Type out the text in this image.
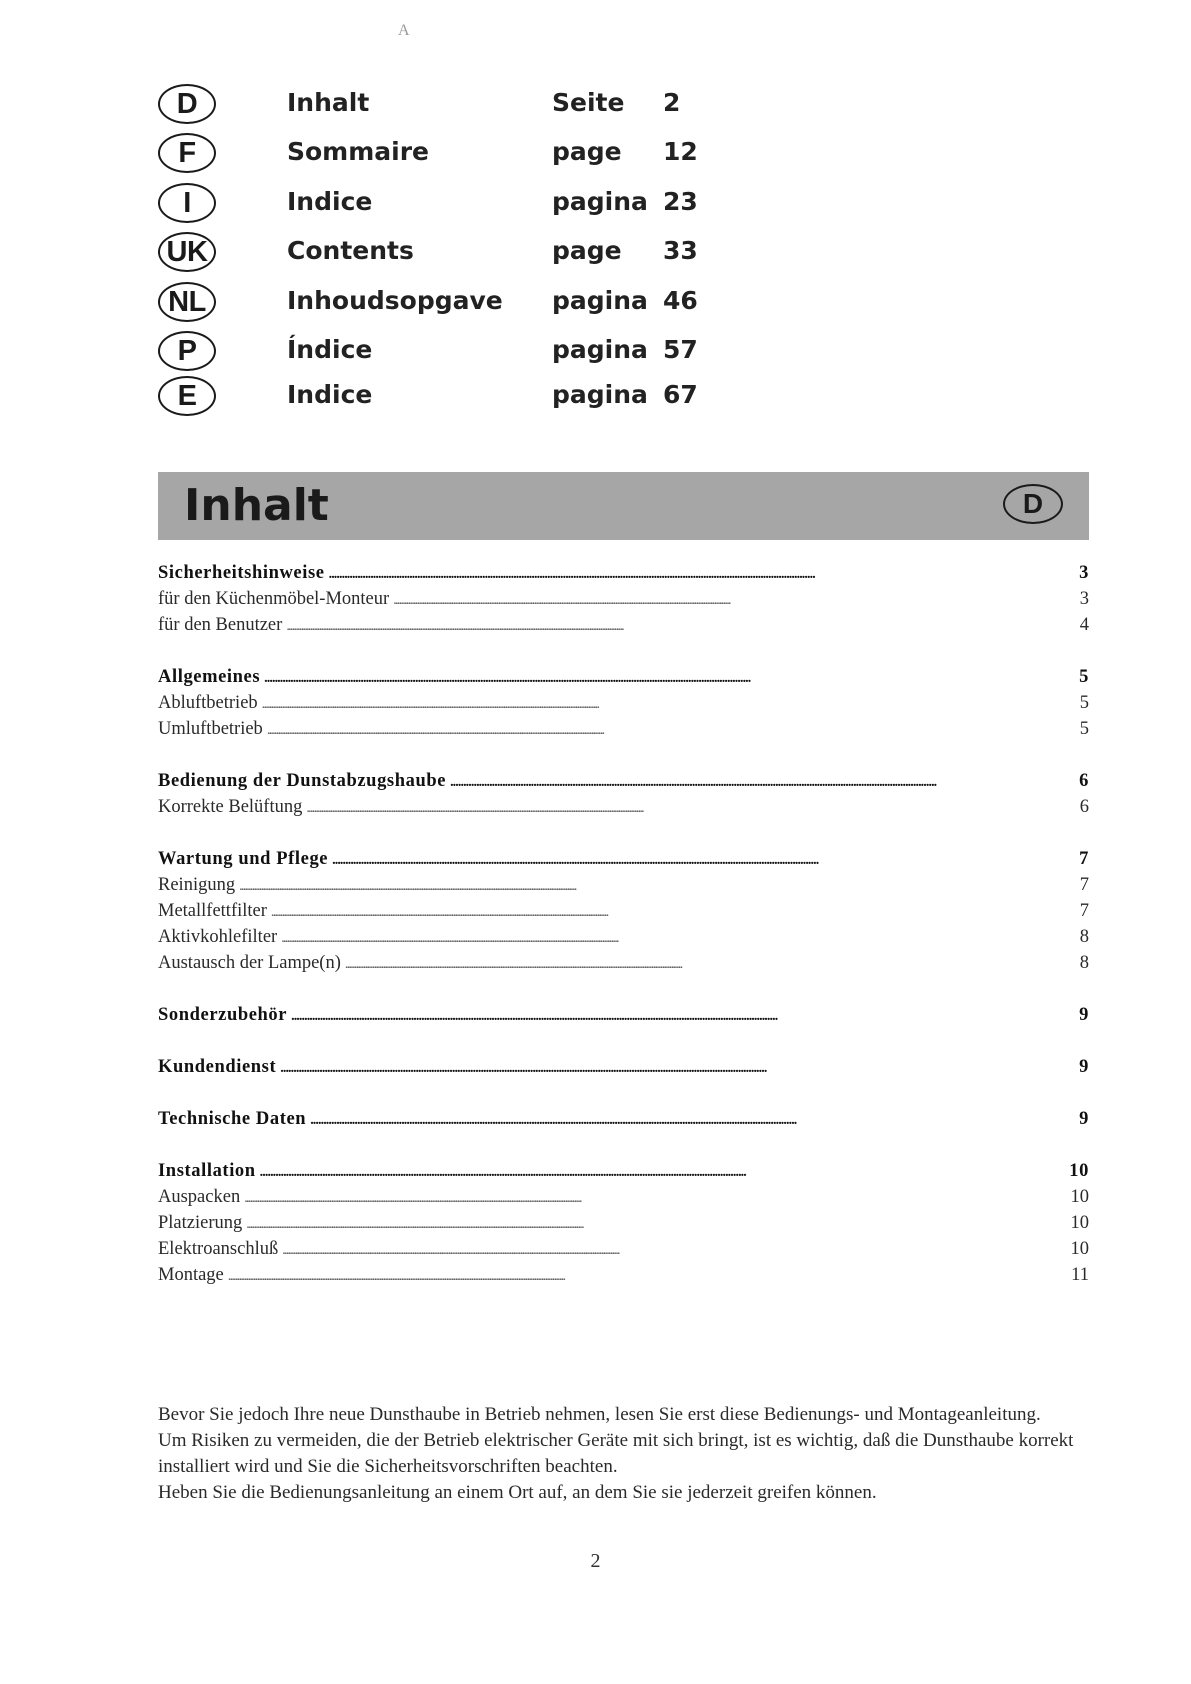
A
D	Inhalt	Seite 2
F	Sommaire	page 12
I	Indice	pagina 23
UK	Contents	page 33
NL	Inhoudsopgave pagina 46
P	Índice	pagina 57
E	Indice	pagina 67
Inhalt	D
Sicherheitshinweise . . .	3
für den Küchenmöbel-Monteur . . .	3
für den Benutzer . . .	4
Allgemeines . . .	5
Abluftbetrieb . . .	5
Umluftbetrieb . . .	5
Bedienung der Dunstabzugshaube . . .	6
Korrekte Belüftung . . .	6
Wartung und Pflege . . .	7
Reinigung . . .	7
Metallfettfilter . . .	7
Aktivkohlefilter . . .	8
Austausch der Lampe(n) . . .	8
Sonderzubehör . . .	9
Kundendienst . . .	9
Technische Daten . . .	9
Installation . . .	10
Auspacken . . .	10
Platzierung . . .	10
Elektroanschluß . . .	10
Montage . . .	11

Bevor Sie jedoch Ihre neue Dunsthaube in Betrieb nehmen, lesen Sie erst diese Bedienungs- und Montageanleitung.

Um Risiken zu vermeiden, die der Betrieb elektrischer Geräte mit sich bringt, ist es wichtig, daß die Dunsthaube korrekt installiert wird und Sie die Sicherheitsvorschriften beachten.

Heben Sie die Bedienungsanleitung an einem Ort auf, an dem Sie sie jederzeit greifen können.

2
